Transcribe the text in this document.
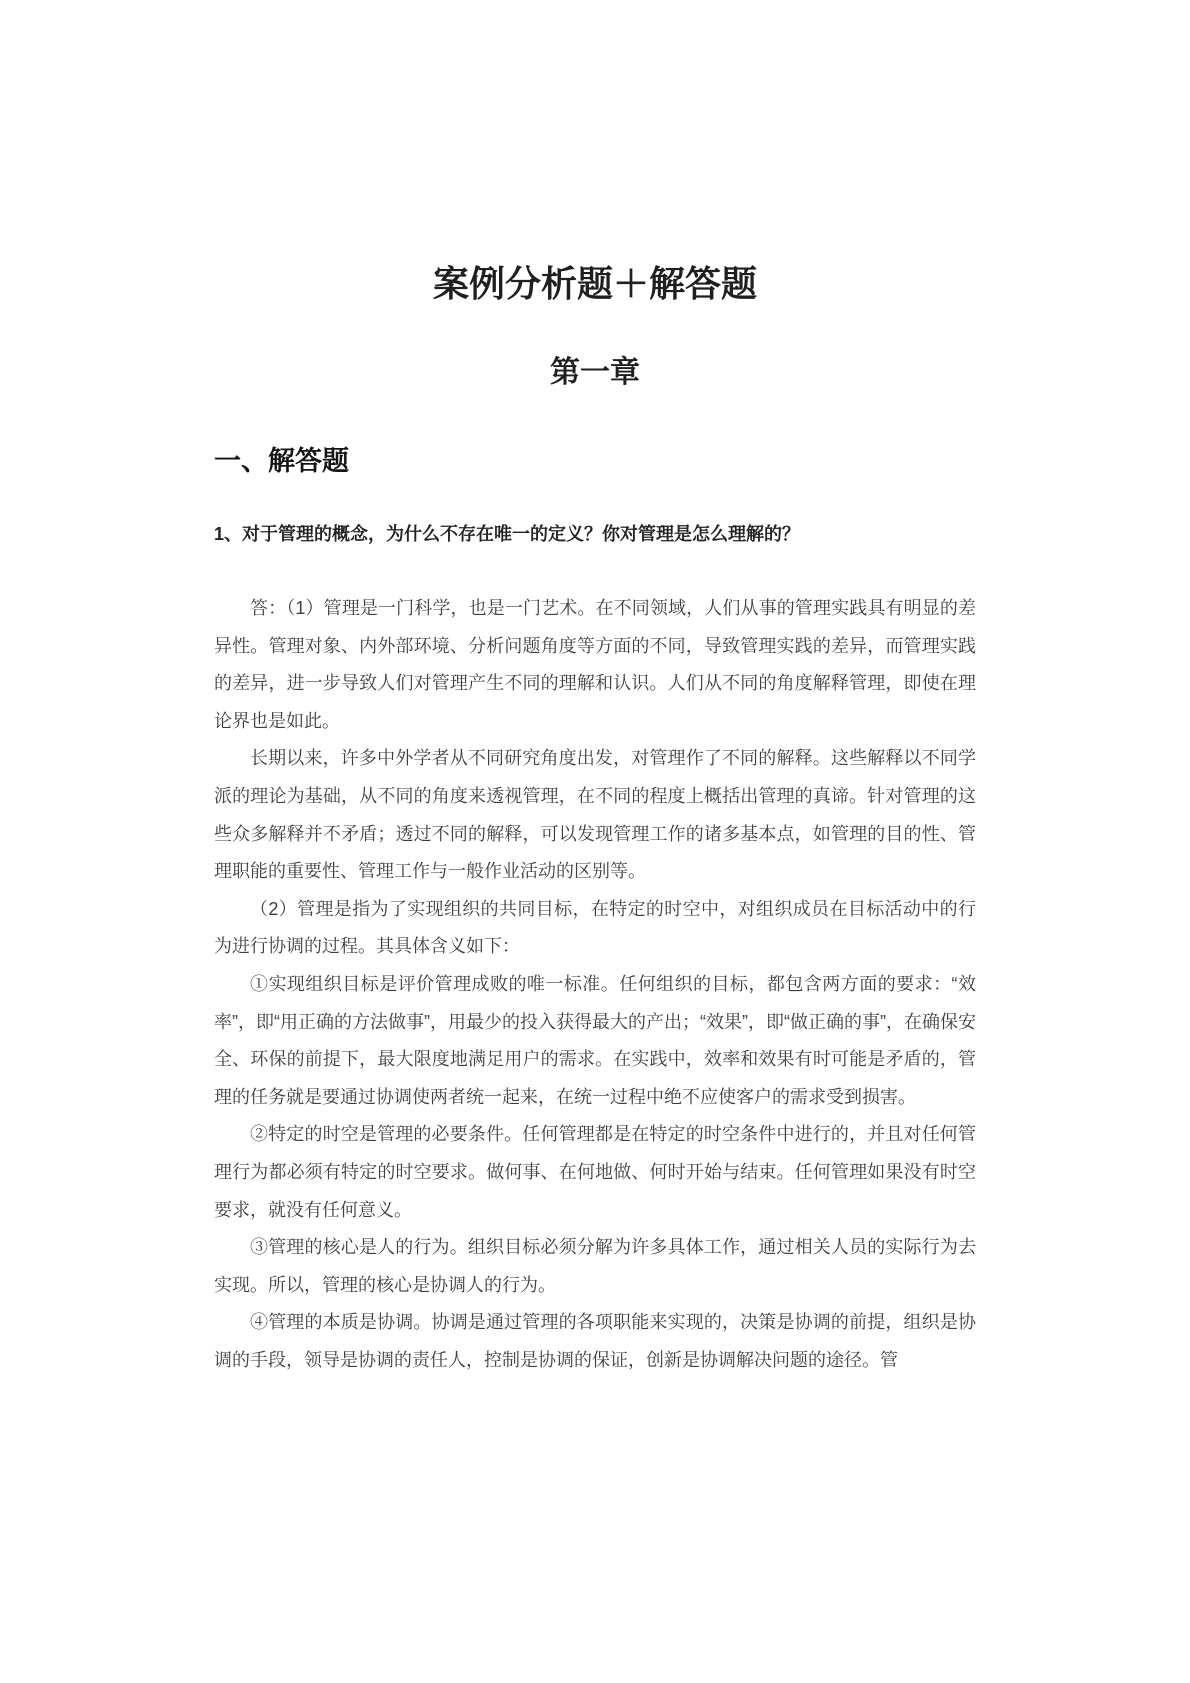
案例分析题＋解答题
第一章
一、解答题
1、对于管理的概念，为什么不存在唯一的定义？你对管理是怎么理解的？

答：（1）管理是一门科学，也是一门艺术。在不同领域，人们从事的管理实践具有明显的差异性。管理对象、内外部环境、分析问题角度等方面的不同，导致管理实践的差异，而管理实践的差异，进一步导致人们对管理产生不同的理解和认识。人们从不同的角度解释管理，即使在理论界也是如此。

长期以来，许多中外学者从不同研究角度出发，对管理作了不同的解释。这些解释以不同学派的理论为基础，从不同的角度来透视管理，在不同的程度上概括出管理的真谛。针对管理的这些众多解释并不矛盾；透过不同的解释，可以发现管理工作的诸多基本点，如管理的目的性、管理职能的重要性、管理工作与一般作业活动的区别等。

（2）管理是指为了实现组织的共同目标，在特定的时空中，对组织成员在目标活动中的行为进行协调的过程。其具体含义如下：

①实现组织目标是评价管理成败的唯一标准。任何组织的目标，都包含两方面的要求：“效率”，即“用正确的方法做事”，用最少的投入获得最大的产出；“效果”，即“做正确的事”，在确保安全、环保的前提下，最大限度地满足用户的需求。在实践中，效率和效果有时可能是矛盾的，管理的任务就是要通过协调使两者统一起来，在统一过程中绝不应使客户的需求受到损害。

②特定的时空是管理的必要条件。任何管理都是在特定的时空条件中进行的，并且对任何管理行为都必须有特定的时空要求。做何事、在何地做、何时开始与结束。任何管理如果没有时空要求，就没有任何意义。

③管理的核心是人的行为。组织目标必须分解为许多具体工作，通过相关人员的实际行为去实现。所以，管理的核心是协调人的行为。

④管理的本质是协调。协调是通过管理的各项职能来实现的，决策是协调的前提，组织是协调的手段，领导是协调的责任人，控制是协调的保证，创新是协调解决问题的途径。管
